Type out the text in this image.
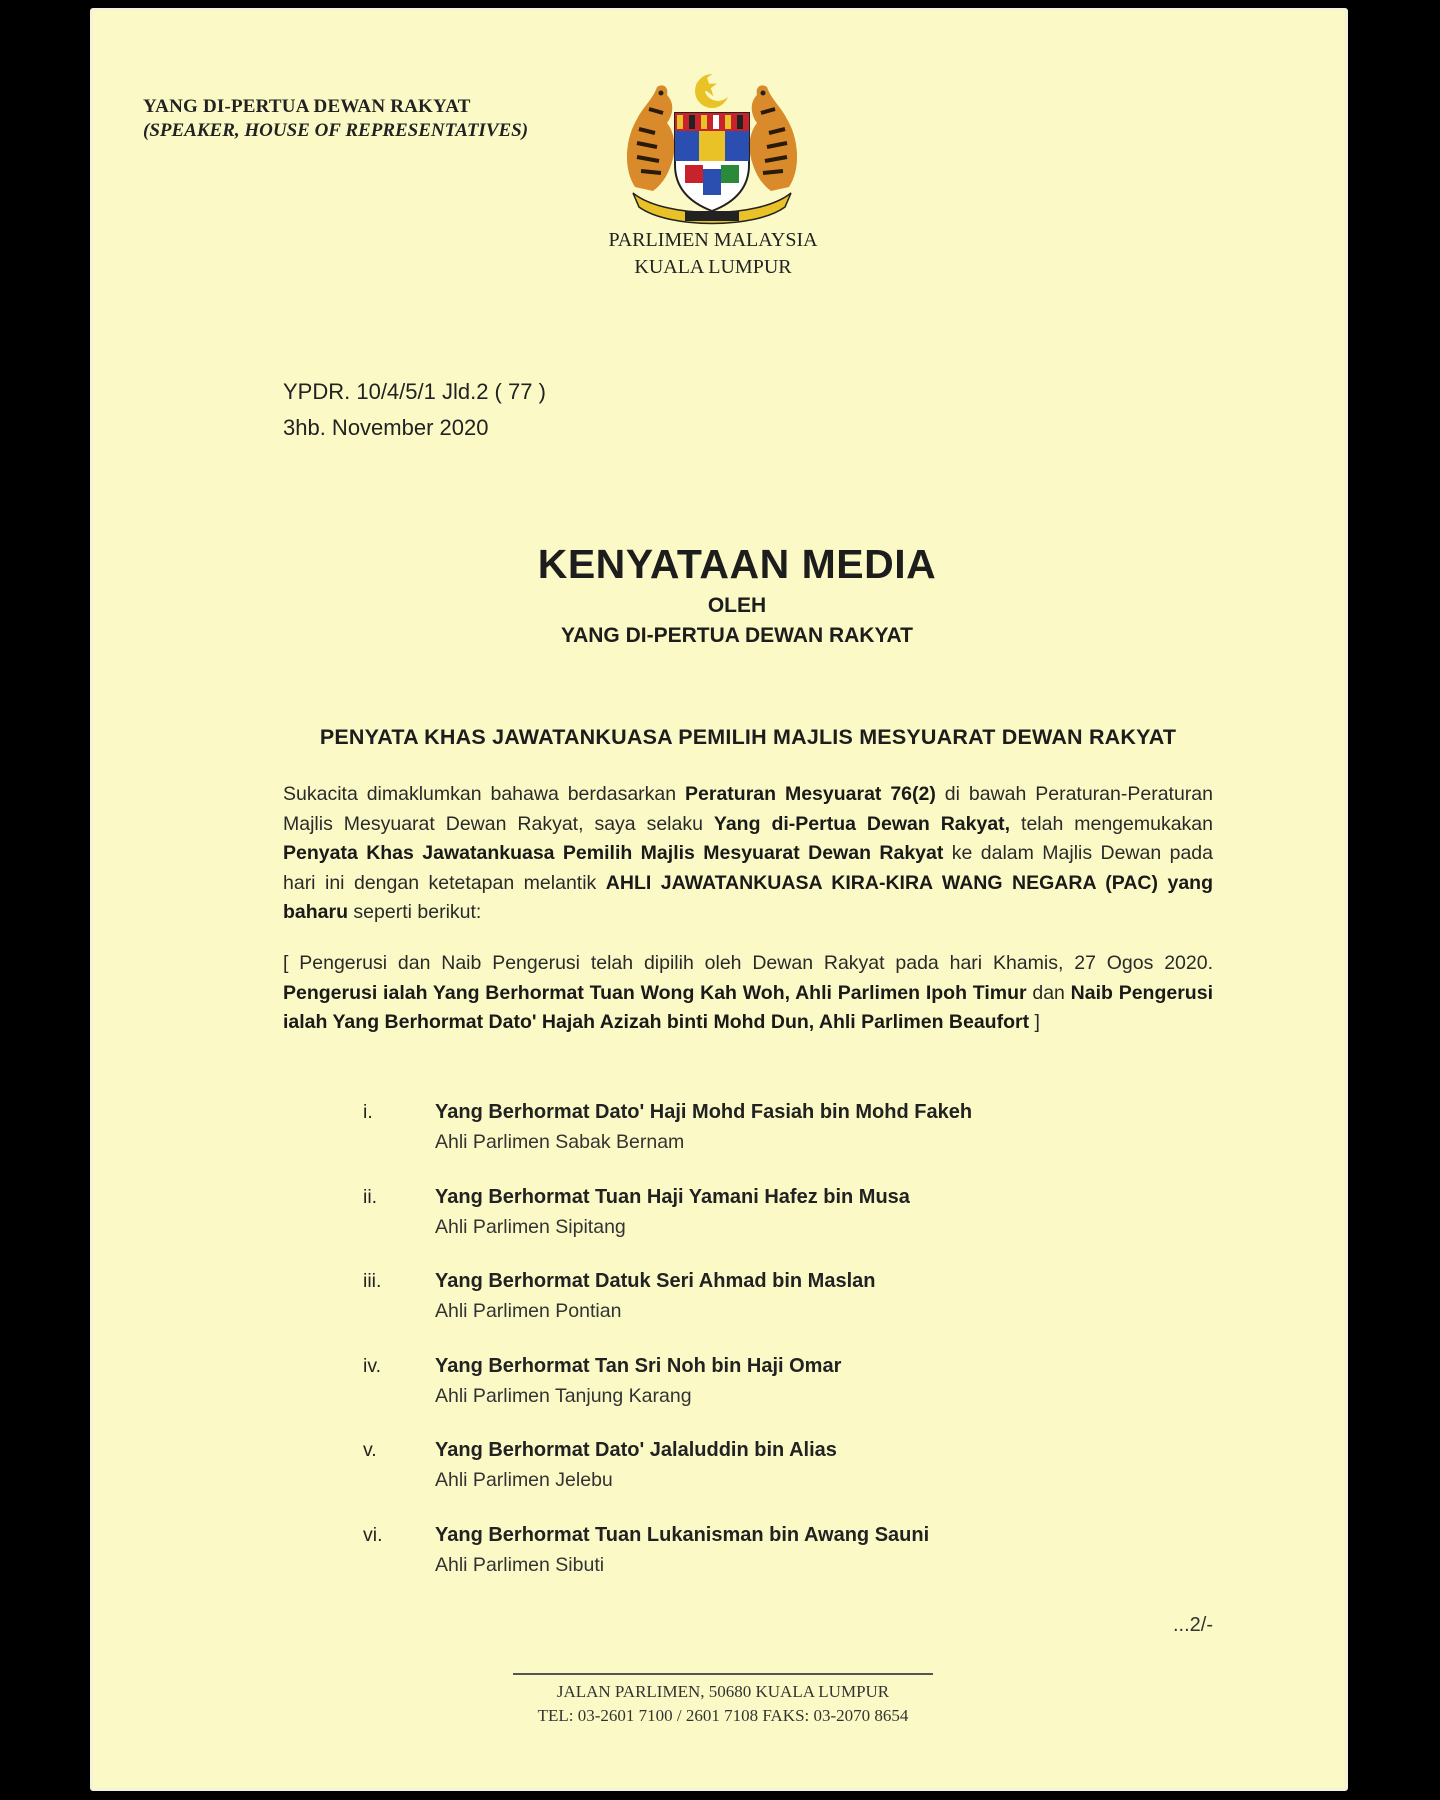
YANG DI-PERTUA DEWAN RAKYAT
(SPEAKER, HOUSE OF REPRESENTATIVES)
PARLIMEN MALAYSIA
KUALA LUMPUR
YPDR. 10/4/5/1 Jld.2 ( 77 )
3hb. November 2020
KENYATAAN MEDIA
OLEH
YANG DI-PERTUA DEWAN RAKYAT
PENYATA KHAS JAWATANKUASA PEMILIH MAJLIS MESYUARAT DEWAN RAKYAT
Sukacita dimaklumkan bahawa berdasarkan Peraturan Mesyuarat 76(2) di bawah Peraturan-Peraturan Majlis Mesyuarat Dewan Rakyat, saya selaku Yang di-Pertua Dewan Rakyat, telah mengemukakan Penyata Khas Jawatankuasa Pemilih Majlis Mesyuarat Dewan Rakyat ke dalam Majlis Dewan pada hari ini dengan ketetapan melantik AHLI JAWATANKUASA KIRA-KIRA WANG NEGARA (PAC) yang baharu seperti berikut:
[ Pengerusi dan Naib Pengerusi telah dipilih oleh Dewan Rakyat pada hari Khamis, 27 Ogos 2020. Pengerusi ialah Yang Berhormat Tuan Wong Kah Woh, Ahli Parlimen Ipoh Timur dan Naib Pengerusi ialah Yang Berhormat Dato' Hajah Azizah binti Mohd Dun, Ahli Parlimen Beaufort ]
i.	Yang Berhormat Dato' Haji Mohd Fasiah bin Mohd Fakeh
Ahli Parlimen Sabak Bernam
ii.	Yang Berhormat Tuan Haji Yamani Hafez bin Musa
Ahli Parlimen Sipitang
iii.	Yang Berhormat Datuk Seri Ahmad bin Maslan
Ahli Parlimen Pontian
iv.	Yang Berhormat Tan Sri Noh bin Haji Omar
Ahli Parlimen Tanjung Karang
v.	Yang Berhormat Dato' Jalaluddin bin Alias
Ahli Parlimen Jelebu
vi.	Yang Berhormat Tuan Lukanisman bin Awang Sauni
Ahli Parlimen Sibuti
...2/-
JALAN PARLIMEN, 50680 KUALA LUMPUR
TEL: 03-2601 7100 / 2601 7108 FAKS: 03-2070 8654
